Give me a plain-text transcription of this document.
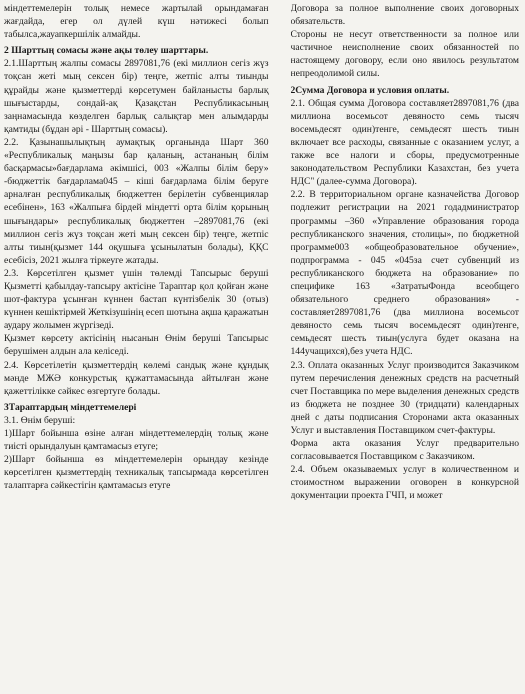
міндеттемелерін толық немесе жартылай орындамаған жағдайда, егер ол дүлей күш нәтижесі болып табылса,жауапкершілік алмайды.

2 Шарттың сомасы және ақы төлеу шарттары.

2.1.Шарттың жалпы сомасы 2897081,76 (екі миллион сегіз жүз тоқсан жеті мың сексен бір) теңге, жетпіс алты тиынды құрайды және қызметтерді көрсетумен байланысты барлық шығыстарды, сондай-ақ Қазақстан Республикасының заңнамасында көзделген барлық салықтар мен алымдарды қамтиды (бұдан әрі - Шарттың сомасы).

2.2. Қазынашылықтың аумақтық органында Шарт 360 «Республикалық маңызы бар қаланың, астананың білім басқармасы»бағдарлама әкімшісі, 003 «Жалпы білім беру» -бюджеттік бағдарлама045 – кіші бағдарлама білім беруге арналған республикалық бюджеттен берілетін субвенциялар есебінен», 163 «Жалпыға бірдей міндетті орта білім қорының шығындары» республикалық бюджеттен –2897081,76 (екі миллион сегіз жүз тоқсан жеті мың сексен бір) теңге, жетпіс алты тиын(қызмет 144 оқушыға ұсынылатын болады), ҚҚС есебісіз, 2021 жылға тіркеуге жатады.

2.3. Көрсетілген қызмет үшін төлемді Тапсырыс беруші Қызметті қабылдау-тапсыру актісіне Тараптар қол қойған және шот-фактура ұсынған күннен бастап күнтізбелік 30 (отыз) күннен кешіктірмей Жеткізушінің есеп шотына ақша қаражатын аудару жолымен жүргізеді.

Қызмет көрсету актісінің нысанын Өнім беруші Тапсырыс берушімен алдын ала келіседі.

2.4. Көрсетілетін қызметтердің көлемі сандық және құндық мәнде МЖӘ конкурстық құжаттамасында айтылған және қажеттілікке сәйкес өзгертуге болады.

3Тараптардың міндеттемелері

3.1. Өнім беруші:

1)Шарт бойынша өзіне алған міндеттемелердің толық және тиісті орындалуын қамтамасыз етуге;

2)Шарт бойынша өз міндеттемелерін орындау кезінде көрсетілген қызметтердің техникалық тапсырмада көрсетілген талаптарға сәйкестігін қамтамасыз етуге

Договора за полное выполнение своих договорных обязательств.

Стороны не несут ответственности за полное или частичное неисполнение своих обязанностей по настоящему договору, если оно явилось результатом непреодолимой силы.

2Сумма Договора и условия оплаты.

2.1. Общая сумма Договора составляет2897081,76 (два миллиона восемьсот девяносто семь тысяч восемьдесят один)тенге, семьдесят шесть тиын включает все расходы, связанные с оказанием услуг, а также все налоги и сборы, предусмотренные законодательством Республики Казахстан, без учета НДС" (далее-сумма Договора).

2.2. В территориальном органе казначейства Договор подлежит регистрации на 2021 годадминистратор программы –360 «Управление образования города республиканского значения, столицы», по бюджетной программе003 «общеобразовательное обучение», подпрограмма - 045 «045за счет субвенций из республиканского бюджета на образование» по специфике 163 «ЗатратыФонда всеобщего обязательного среднего образования» - составляет2897081,76 (два миллиона восемьсот девяносто семь тысяч восемьдесят один)тенге, семьдесят шесть тиын(услуга будет оказана на 144учащихся),без учета НДС.

2.3. Оплата оказанных Услуг производится Заказчиком путем перечисления денежных средств на расчетный счет Поставщика по мере выделения денежных средств из бюджета не позднее 30 (тридцати) календарных дней с даты подписания Сторонами акта оказанных Услуг и выставления Поставщиком счет-фактуры.

Форма акта оказания Услуг предварительно согласовывается Поставщиком с Заказчиком.

2.4. Объем оказываемых услуг в количественном и стоимостном выражении оговорен в конкурсной документации проекта ГЧП, и может
